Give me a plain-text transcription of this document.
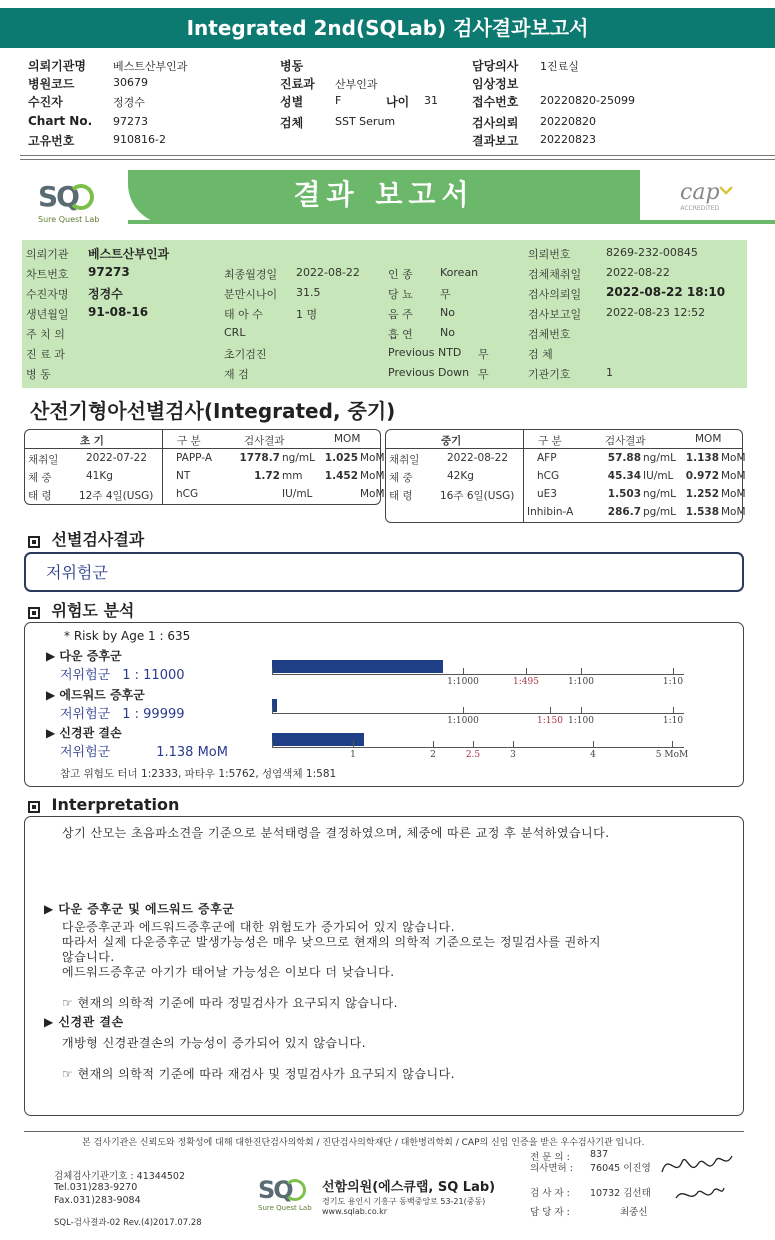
Integrated 2nd(SQLab) 검사결과보고서
SQ
Sure Quest Lab
결과 보고서	cap
ACCREDITED
산전기형아선별검사(Integrated, 중기)
선별검사결과
저위험군
위험도 분석
* Risk by Age 1 : 635
▶ 다운 증후군
저위험군 1 : 11000
▶ 에드워드 증후군
저위험군 1 : 99999
▶ 신경관 결손
저위험군	1.138 MoM
참고 위험도 터너 1:2333, 파타우 1:5762, 성염색체 1:581
Interpretation
상기 산모는 초음파소견을 기준으로 분석태령을 결정하였으며, 체중에 따른 교정 후 분석하였습니다.
▶ 다운 증후군 및 에드워드 증후군
☞ 현재의 의학적 기준에 따라 정밀검사가 요구되지 않습니다.
▶ 신경관 결손
개방형 신경관결손의 가능성이 증가되어 있지 않습니다.
☞ 현재의 의학적 기준에 따라 재검사 및 정밀검사가 요구되지 않습니다.
본 검사기관은 신뢰도와 정확성에 대해 대한진단검사의학회 / 진단검사의학재단 / 대한병리학회 / CAP의 신임 인증을 받은 우수검사기관 입니다.
검체검사기관기호 : 41344502
Tel.031)283-9270
Fax.031)283-9084
SQL-검사결과-02 Rev.(4)2017.07.28
SQ
Sure Quest Lab
선함의원(에스큐랩, SQ Lab)
경기도 용인시 기흥구 동백중앙로 53-21(중동)
www.sqlab.co.kr
의뢰기관명 베스트산부인과
병원코드	30679
수진자	정경수
Chart No. 97273
고유번호	910816-2
병동
진료과 산부인과
성별	F	나이 31
검체	SST Serum
담당의사 1진료실
임상정보
접수번호 20220820-25099
검사의뢰 20220820
결과보고 20220823
의뢰기관 베스트산부인과	의뢰번호	8269-232-00845
차트번호 97273	최종월경일 2022-08-22	인 종 Korean	검체채취일 2022-08-22
수진자명 정경수	분만시나이 31.5	당 뇨 무	검사의뢰일 2022-08-22 18:10
생년월일 91-08-16	태 아 수	1 명	음 주 No	검사보고일 2022-08-23 12:52
주 치 의	CRL	흡 연 No	검체번호
진 료 과	초기검진	Previous NTD 무	검 체
병 동	재 검	Previous Down 무	기관기호	1
초 기	구 분	검사결과	MOM
채취일	2022-07-22
체 중	41Kg
태 령	12주 4일(USG)
PAPP-A	1778.7 ng/mL 1.025 MoM
NT	1.72 mm 1.452 MoM
hCG	IU/mL	MoM
중기	구 분	검사결과	MOM
채취일	2022-08-22
체 중	42Kg
태 령	16주 6일(USG)
AFP	57.88 ng/mL 1.138 MoM
hCG	45.34 IU/mL 0.972 MoM
uE3	1.503 ng/mL 1.252 MoM
Inhibin-A	286.7 pg/mL 1.538 MoM
1:1000	1:495	1:100	1:10
1:1000	1:150 1:100	1:10
1	2	2.5	3	4	5 MoM
다운증후군과 에드워드증후군에 대한 위험도가 증가되어 있지 않습니다.
따라서 실제 다운증후군 발생가능성은 매우 낮으므로 현재의 의학적 기준으로는 정밀검사를 권하지
않습니다.
에드워드증후군 아기가 태어날 가능성은 이보다 더 낮습니다.
전 문 의 : 837
의사면허 : 76045 이진영
검 사 자 : 10732 김선태
담 당 자 :	최중신
